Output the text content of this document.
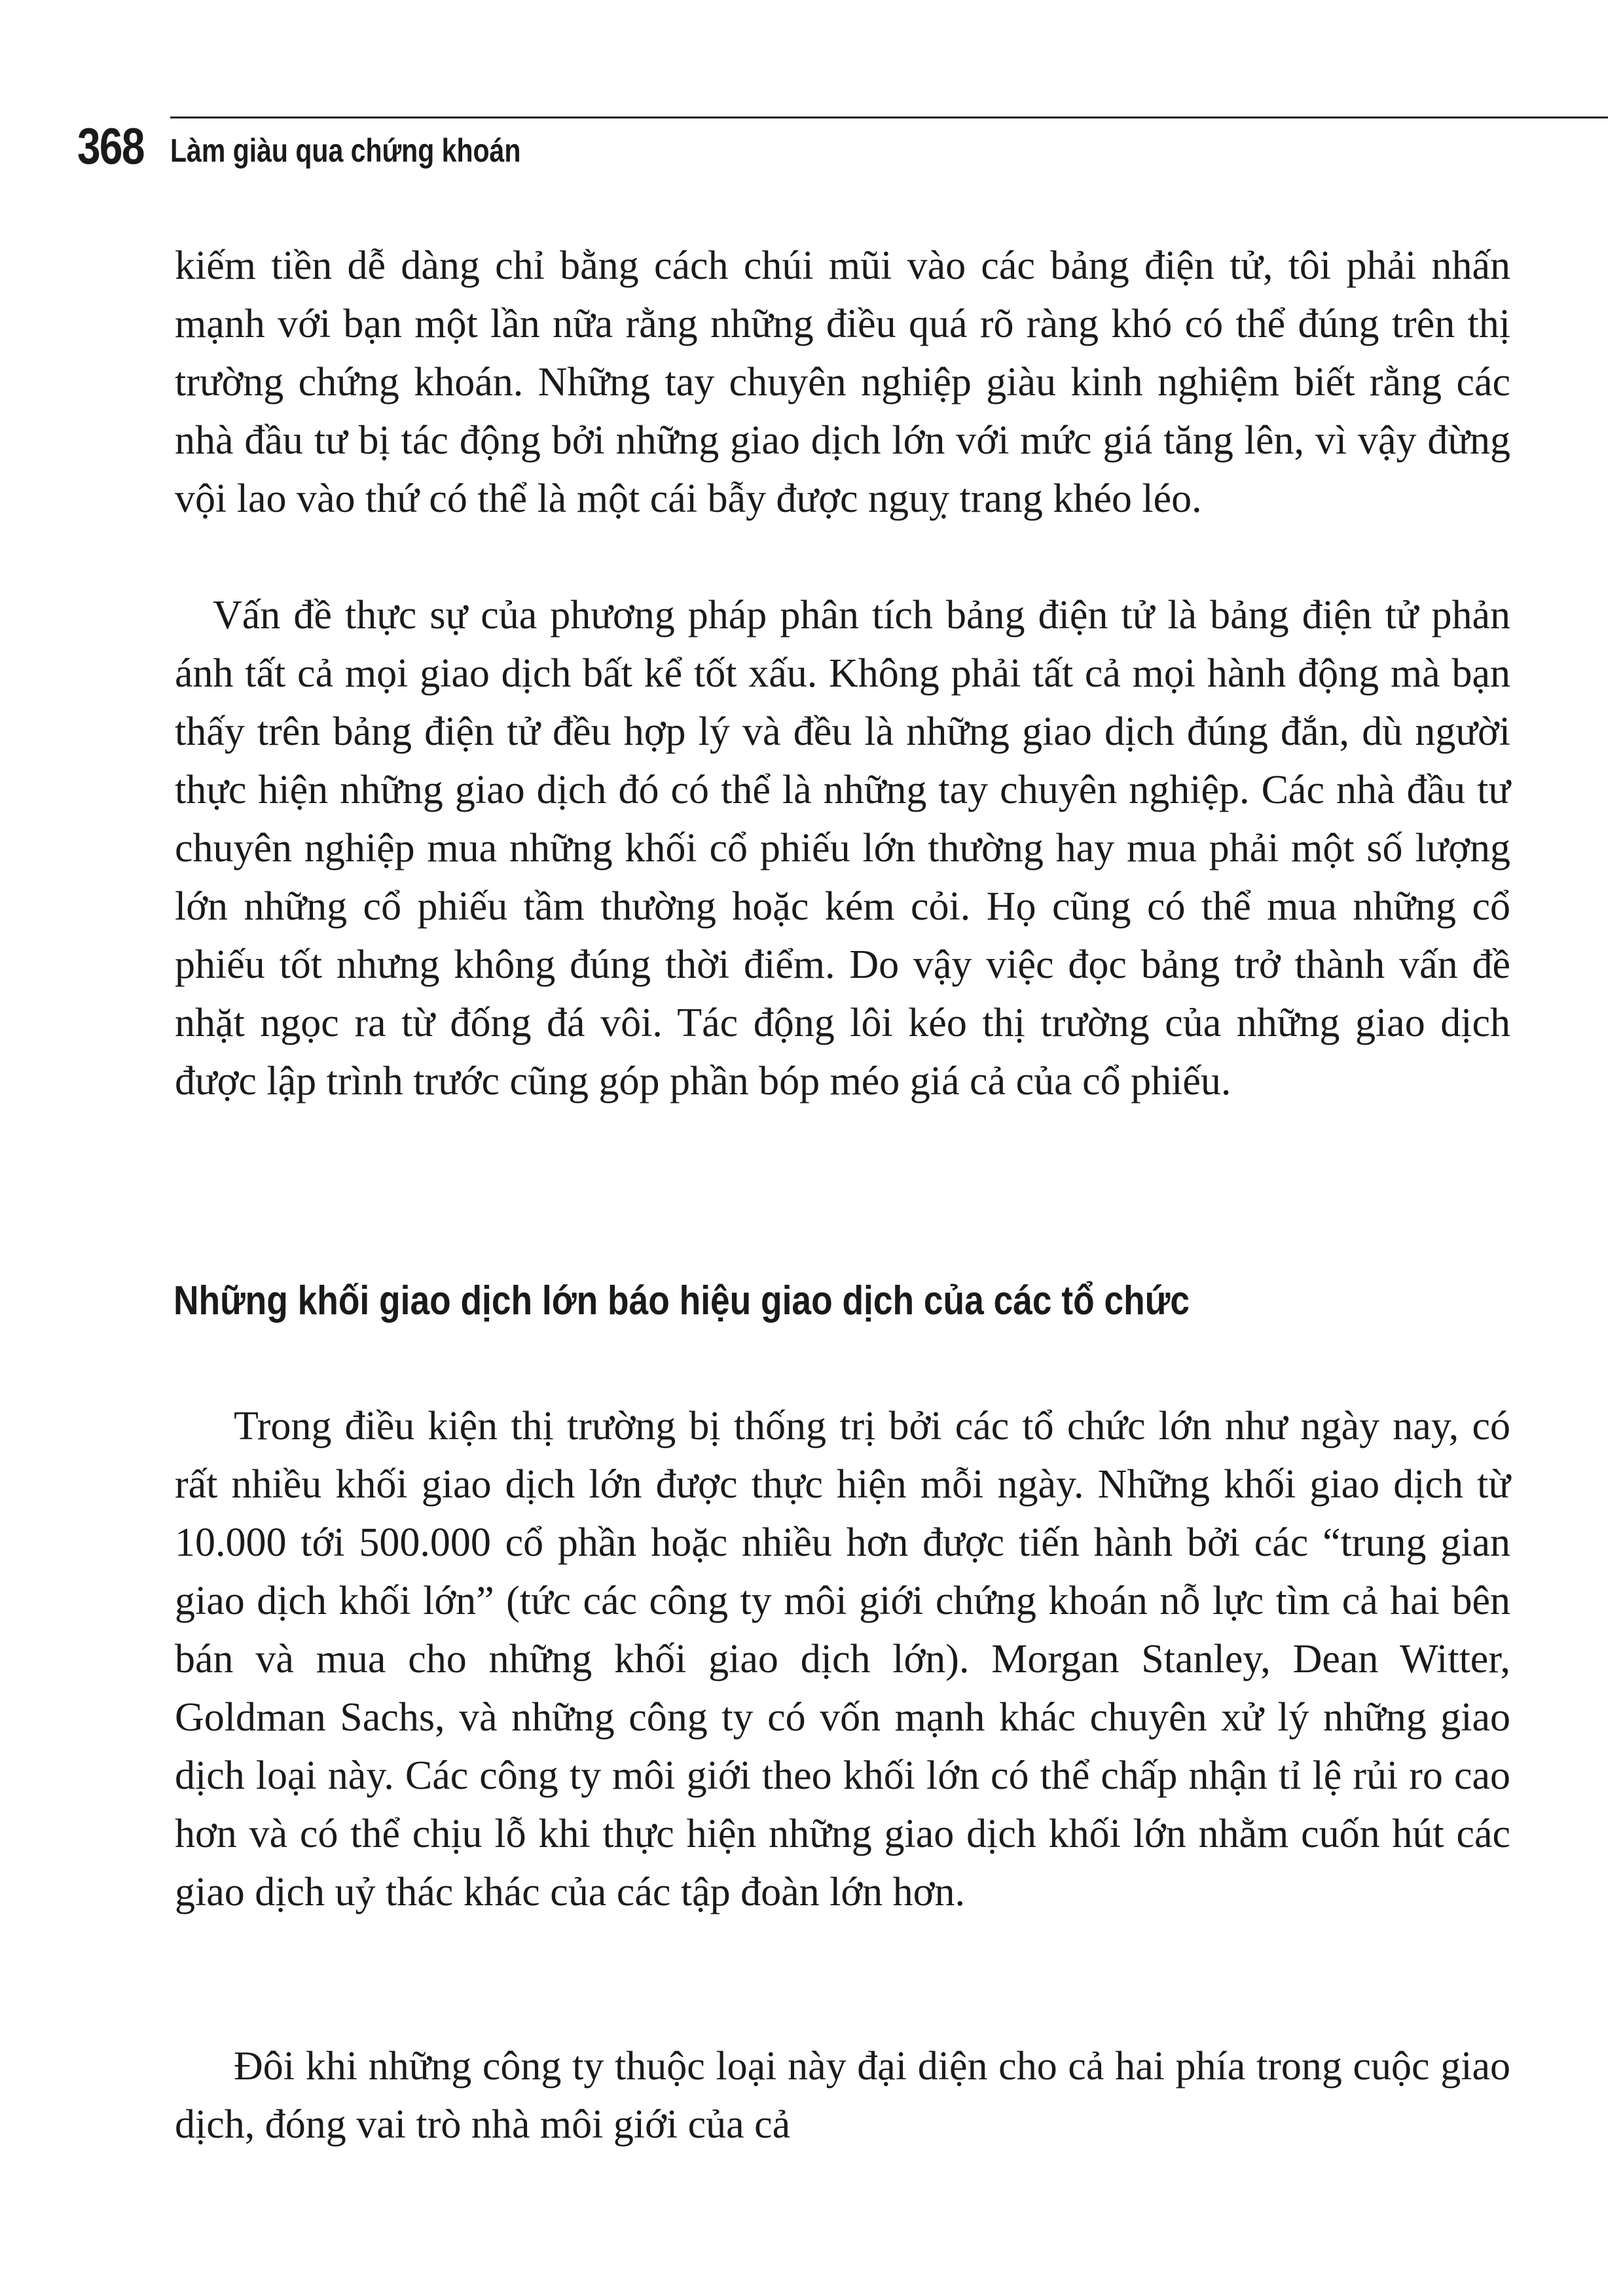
368 Làm giàu qua chứng khoán

kiếm tiền dễ dàng chỉ bằng cách chúi mũi vào các bảng điện tử, tôi phải nhấn mạnh với bạn một lần nữa rằng những điều quá rõ ràng khó có thể đúng trên thị trường chứng khoán. Những tay chuyên nghiệp giàu kinh nghiệm biết rằng các nhà đầu tư bị tác động bởi những giao dịch lớn với mức giá tăng lên, vì vậy đừng vội lao vào thứ có thể là một cái bẫy được nguỵ trang khéo léo.

Vấn đề thực sự của phương pháp phân tích bảng điện tử là bảng điện tử phản ánh tất cả mọi giao dịch bất kể tốt xấu. Không phải tất cả mọi hành động mà bạn thấy trên bảng điện tử đều hợp lý và đều là những giao dịch đúng đắn, dù người thực hiện những giao dịch đó có thể là những tay chuyên nghiệp. Các nhà đầu tư chuyên nghiệp mua những khối cổ phiếu lớn thường hay mua phải một số lượng lớn những cổ phiếu tầm thường hoặc kém cỏi. Họ cũng có thể mua những cổ phiếu tốt nhưng không đúng thời điểm. Do vậy việc đọc bảng trở thành vấn đề nhặt ngọc ra từ đống đá vôi. Tác động lôi kéo thị trường của những giao dịch được lập trình trước cũng góp phần bóp méo giá cả của cổ phiếu.

Những khối giao dịch lớn báo hiệu giao dịch của các tổ chức

Trong điều kiện thị trường bị thống trị bởi các tổ chức lớn như ngày nay, có rất nhiều khối giao dịch lớn được thực hiện mỗi ngày. Những khối giao dịch từ 10.000 tới 500.000 cổ phần hoặc nhiều hơn được tiến hành bởi các “trung gian giao dịch khối lớn” (tức các công ty môi giới chứng khoán nỗ lực tìm cả hai bên bán và mua cho những khối giao dịch lớn). Morgan Stanley, Dean Witter, Goldman Sachs, và những công ty có vốn mạnh khác chuyên xử lý những giao dịch loại này. Các công ty môi giới theo khối lớn có thể chấp nhận tỉ lệ rủi ro cao hơn và có thể chịu lỗ khi thực hiện những giao dịch khối lớn nhằm cuốn hút các giao dịch uỷ thác khác của các tập đoàn lớn hơn.

Đôi khi những công ty thuộc loại này đại diện cho cả hai phía trong cuộc giao dịch, đóng vai trò nhà môi giới của cả
